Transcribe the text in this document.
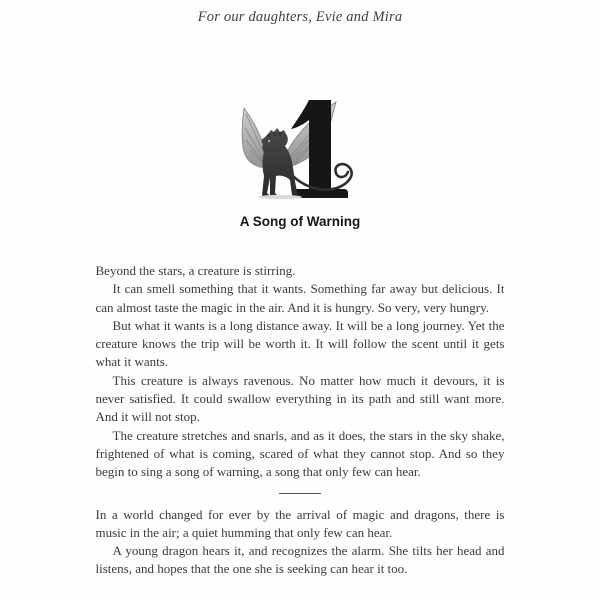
For our daughters, Evie and Mira
A Song of Warning

Beyond the stars, a creature is stirring.

It can smell something that it wants. Something far away but delicious. It can almost taste the magic in the air. And it is hungry. So very, very hungry.

But what it wants is a long distance away. It will be a long journey. Yet the creature knows the trip will be worth it. It will follow the scent until it gets what it wants.

This creature is always ravenous. No matter how much it devours, it is never satisfied. It could swallow everything in its path and still want more. And it will not stop.

The creature stretches and snarls, and as it does, the stars in the sky shake, frightened of what is coming, scared of what they cannot stop. And so they begin to sing a song of warning, a song that only few can hear.

In a world changed for ever by the arrival of magic and dragons, there is music in the air; a quiet humming that only few can hear.

A young dragon hears it, and recognizes the alarm. She tilts her head and listens, and hopes that the one she is seeking can hear it too.
